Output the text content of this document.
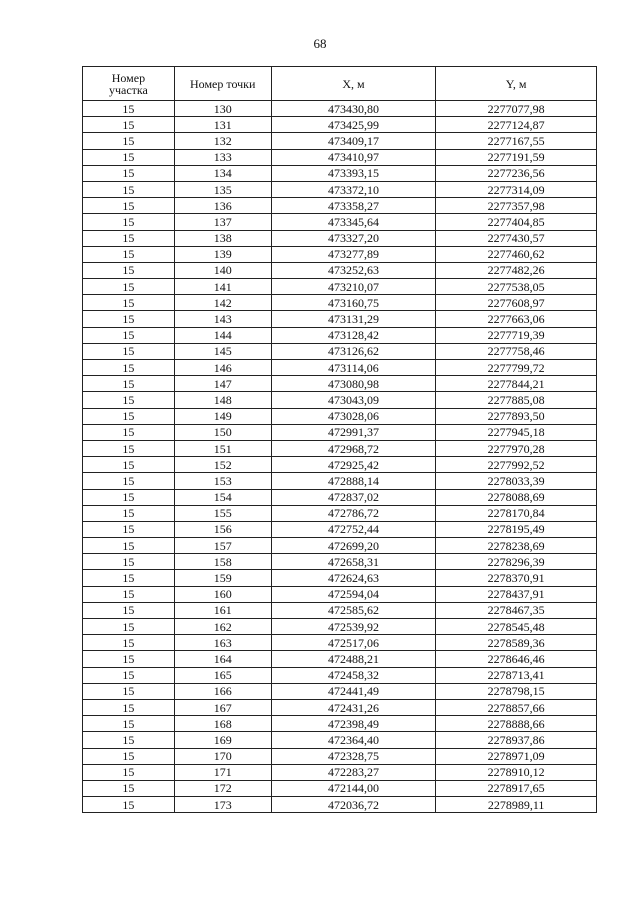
68
Номер
участка	Номер точки	X, м	Y, м
15	130	473430,80	2277077,98
15	131	473425,99	2277124,87
15	132	473409,17	2277167,55
15	133	473410,97	2277191,59
15	134	473393,15	2277236,56
15	135	473372,10	2277314,09
15	136	473358,27	2277357,98
15	137	473345,64	2277404,85
15	138	473327,20	2277430,57
15	139	473277,89	2277460,62
15	140	473252,63	2277482,26
15	141	473210,07	2277538,05
15	142	473160,75	2277608,97
15	143	473131,29	2277663,06
15	144	473128,42	2277719,39
15	145	473126,62	2277758,46
15	146	473114,06	2277799,72
15	147	473080,98	2277844,21
15	148	473043,09	2277885,08
15	149	473028,06	2277893,50
15	150	472991,37	2277945,18
15	151	472968,72	2277970,28
15	152	472925,42	2277992,52
15	153	472888,14	2278033,39
15	154	472837,02	2278088,69
15	155	472786,72	2278170,84
15	156	472752,44	2278195,49
15	157	472699,20	2278238,69
15	158	472658,31	2278296,39
15	159	472624,63	2278370,91
15	160	472594,04	2278437,91
15	161	472585,62	2278467,35
15	162	472539,92	2278545,48
15	163	472517,06	2278589,36
15	164	472488,21	2278646,46
15	165	472458,32	2278713,41
15	166	472441,49	2278798,15
15	167	472431,26	2278857,66
15	168	472398,49	2278888,66
15	169	472364,40	2278937,86
15	170	472328,75	2278971,09
15	171	472283,27	2278910,12
15	172	472144,00	2278917,65
15	173	472036,72	2278989,11
